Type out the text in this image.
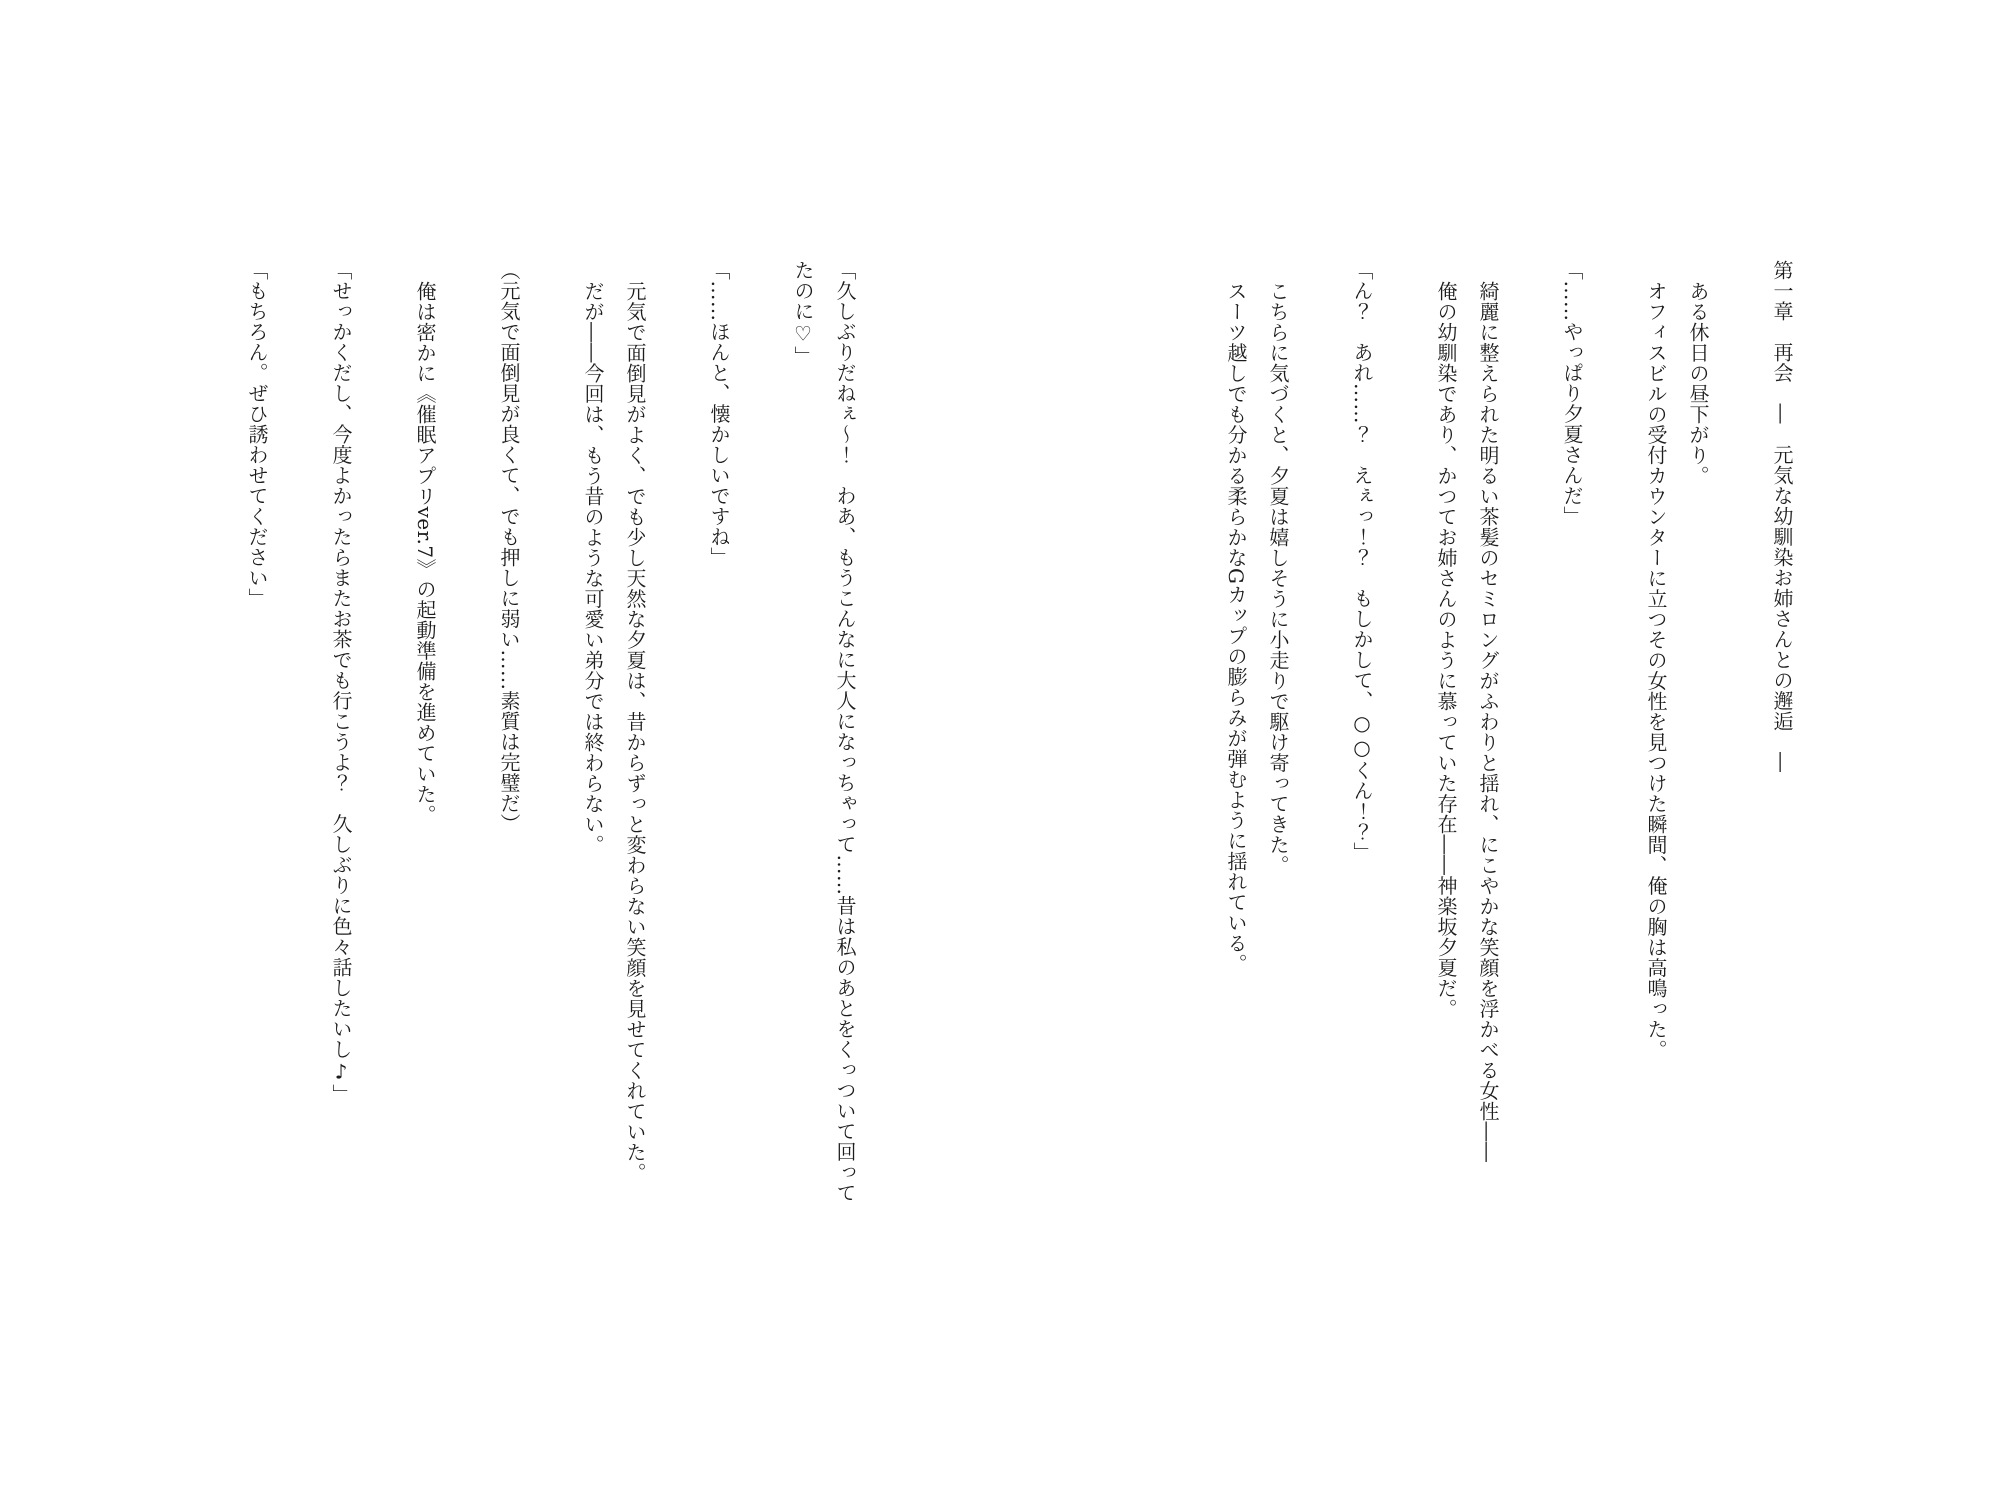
第一章　再会　―　元気な幼馴染お姉さんとの邂逅　―

ある休日の昼下がり。

オフィスビルの受付カウンターに立つその女性を見つけた瞬間、俺の胸は高鳴った。

「……やっぱり夕夏さんだ」

綺麗に整えられた明るい茶髪のセミロングがふわりと揺れ、にこやかな笑顔を浮かべる女性――

俺の幼馴染であり、かつてお姉さんのように慕っていた存在――神楽坂夕夏だ。

「ん？　あれ……？　えぇっ！？　もしかして、○○くん！？」

こちらに気づくと、夕夏は嬉しそうに小走りで駆け寄ってきた。

スーツ越しでも分かる柔らかなGカップの膨らみが弾むように揺れている。

「久しぶりだねぇ〜！　わあ、もうこんなに大人になっちゃって……昔は私のあとをくっついて回って

たのに♡」

「……ほんと、懐かしいですね」

元気で面倒見がよく、でも少し天然な夕夏は、昔からずっと変わらない笑顔を見せてくれていた。

だが――今回は、もう昔のような可愛い弟分では終わらない。

（元気で面倒見が良くて、でも押しに弱い……素質は完璧だ）

俺は密かに《催眠アプリver.7》の起動準備を進めていた。

「せっかくだし、今度よかったらまたお茶でも行こうよ？　久しぶりに色々話したいし♪」

「もちろん。ぜひ誘わせてください」
